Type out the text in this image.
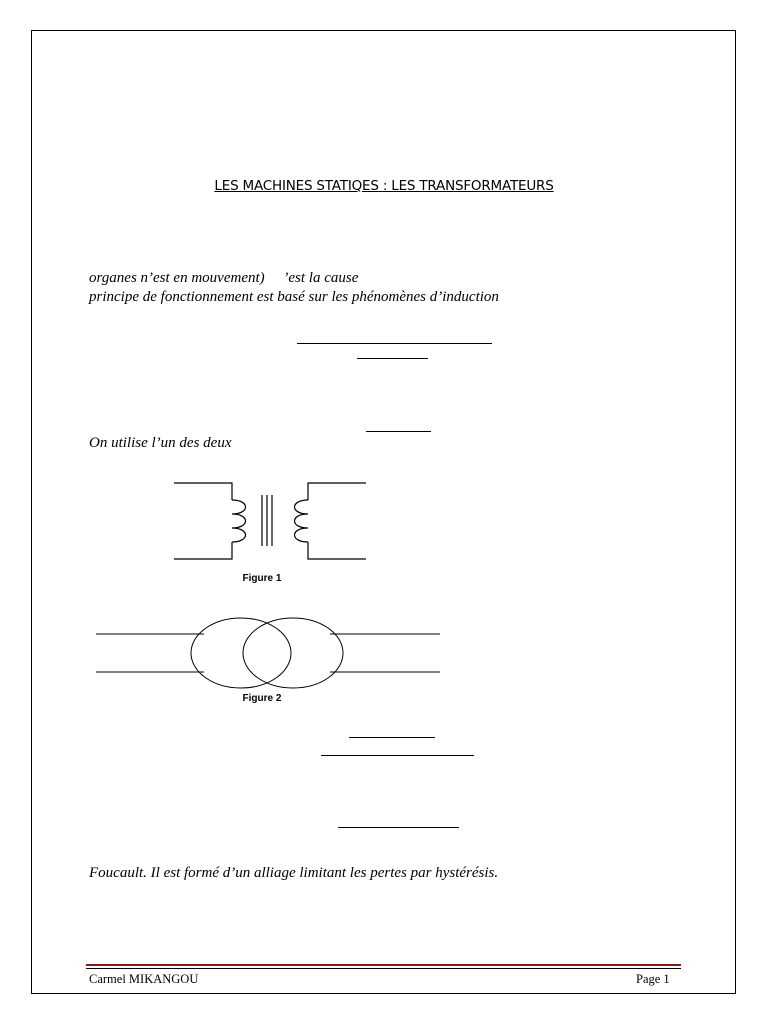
LES MACHINES STATIQES : LES TRANSFORMATEURS
organes n’est en mouvement)     ’est la cause
principe de fonctionnement est basé sur les phénomènes d’induction
On utilise l’un des deux
Figure 1
Figure 2
Foucault. Il est formé d’un alliage limitant les pertes par hystérésis.
Carmel MIKANGOU	Page 1
